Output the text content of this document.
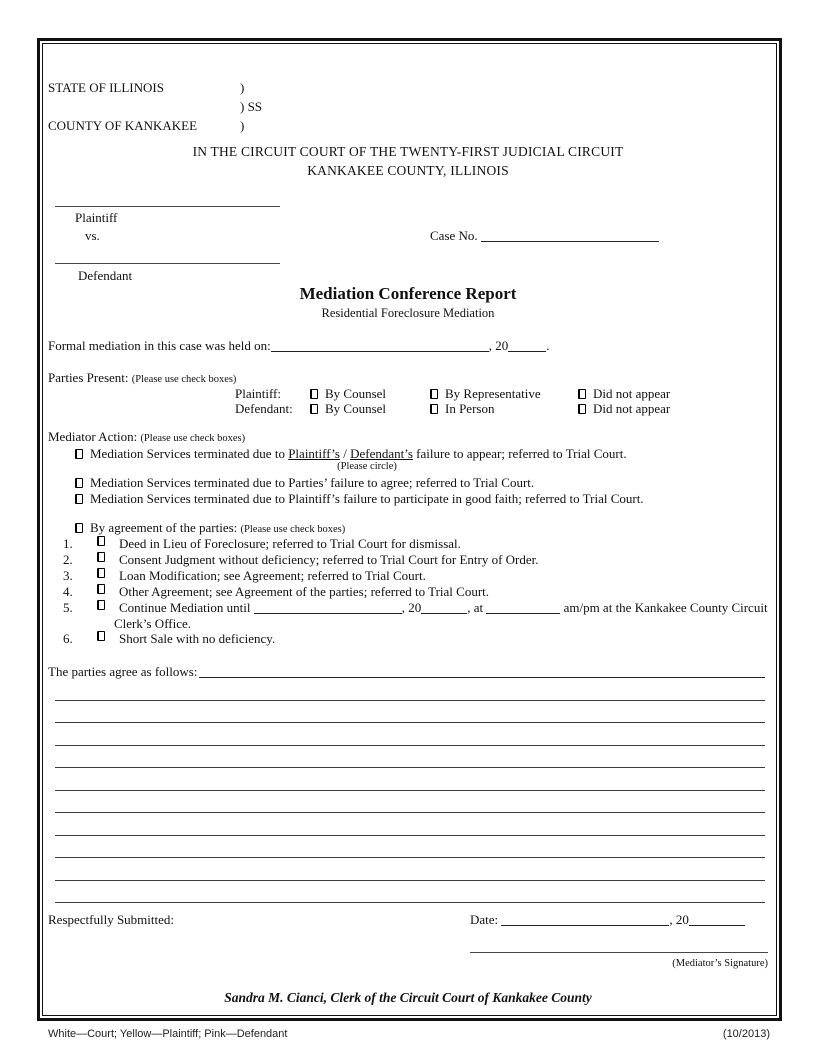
STATE OF ILLINOIS	)
) SS
COUNTY OF KANKAKEE	)
IN THE CIRCUIT COURT OF THE TWENTY-FIRST JUDICIAL CIRCUIT
KANKAKEE COUNTY, ILLINOIS
Plaintiff
vs.	Case No.
Defendant
Mediation Conference Report
Residential Foreclosure Mediation
Formal mediation in this case was held on:	, 20	.
Parties Present: (Please use check boxes)
Plaintiff:	By Counsel	By Representative	Did not appear
Defendant:	By Counsel	In Person	Did not appear
Mediator Action: (Please use check boxes)
Mediation Services terminated due to Plaintiff’s / Defendant’s failure to appear; referred to Trial Court.
(Please circle)
Mediation Services terminated due to Parties’ failure to agree; referred to Trial Court.
Mediation Services terminated due to Plaintiff’s failure to participate in good faith; referred to Trial Court.
By agreement of the parties: (Please use check boxes)
1.	Deed in Lieu of Foreclosure; referred to Trial Court for dismissal.
2.	Consent Judgment without deficiency; referred to Trial Court for Entry of Order.
3.	Loan Modification; see Agreement; referred to Trial Court.
4.	Other Agreement; see Agreement of the parties; referred to Trial Court.
5.	Continue Mediation until	, 20	, at	am/pm at the Kankakee County Circuit
Clerk’s Office.
6.	Short Sale with no deficiency.
The parties agree as follows:
Respectfully Submitted:	Date:	, 20
(Mediator’s Signature)
Sandra M. Cianci, Clerk of the Circuit Court of Kankakee County
White—Court; Yellow—Plaintiff; Pink—Defendant	(10/2013)
